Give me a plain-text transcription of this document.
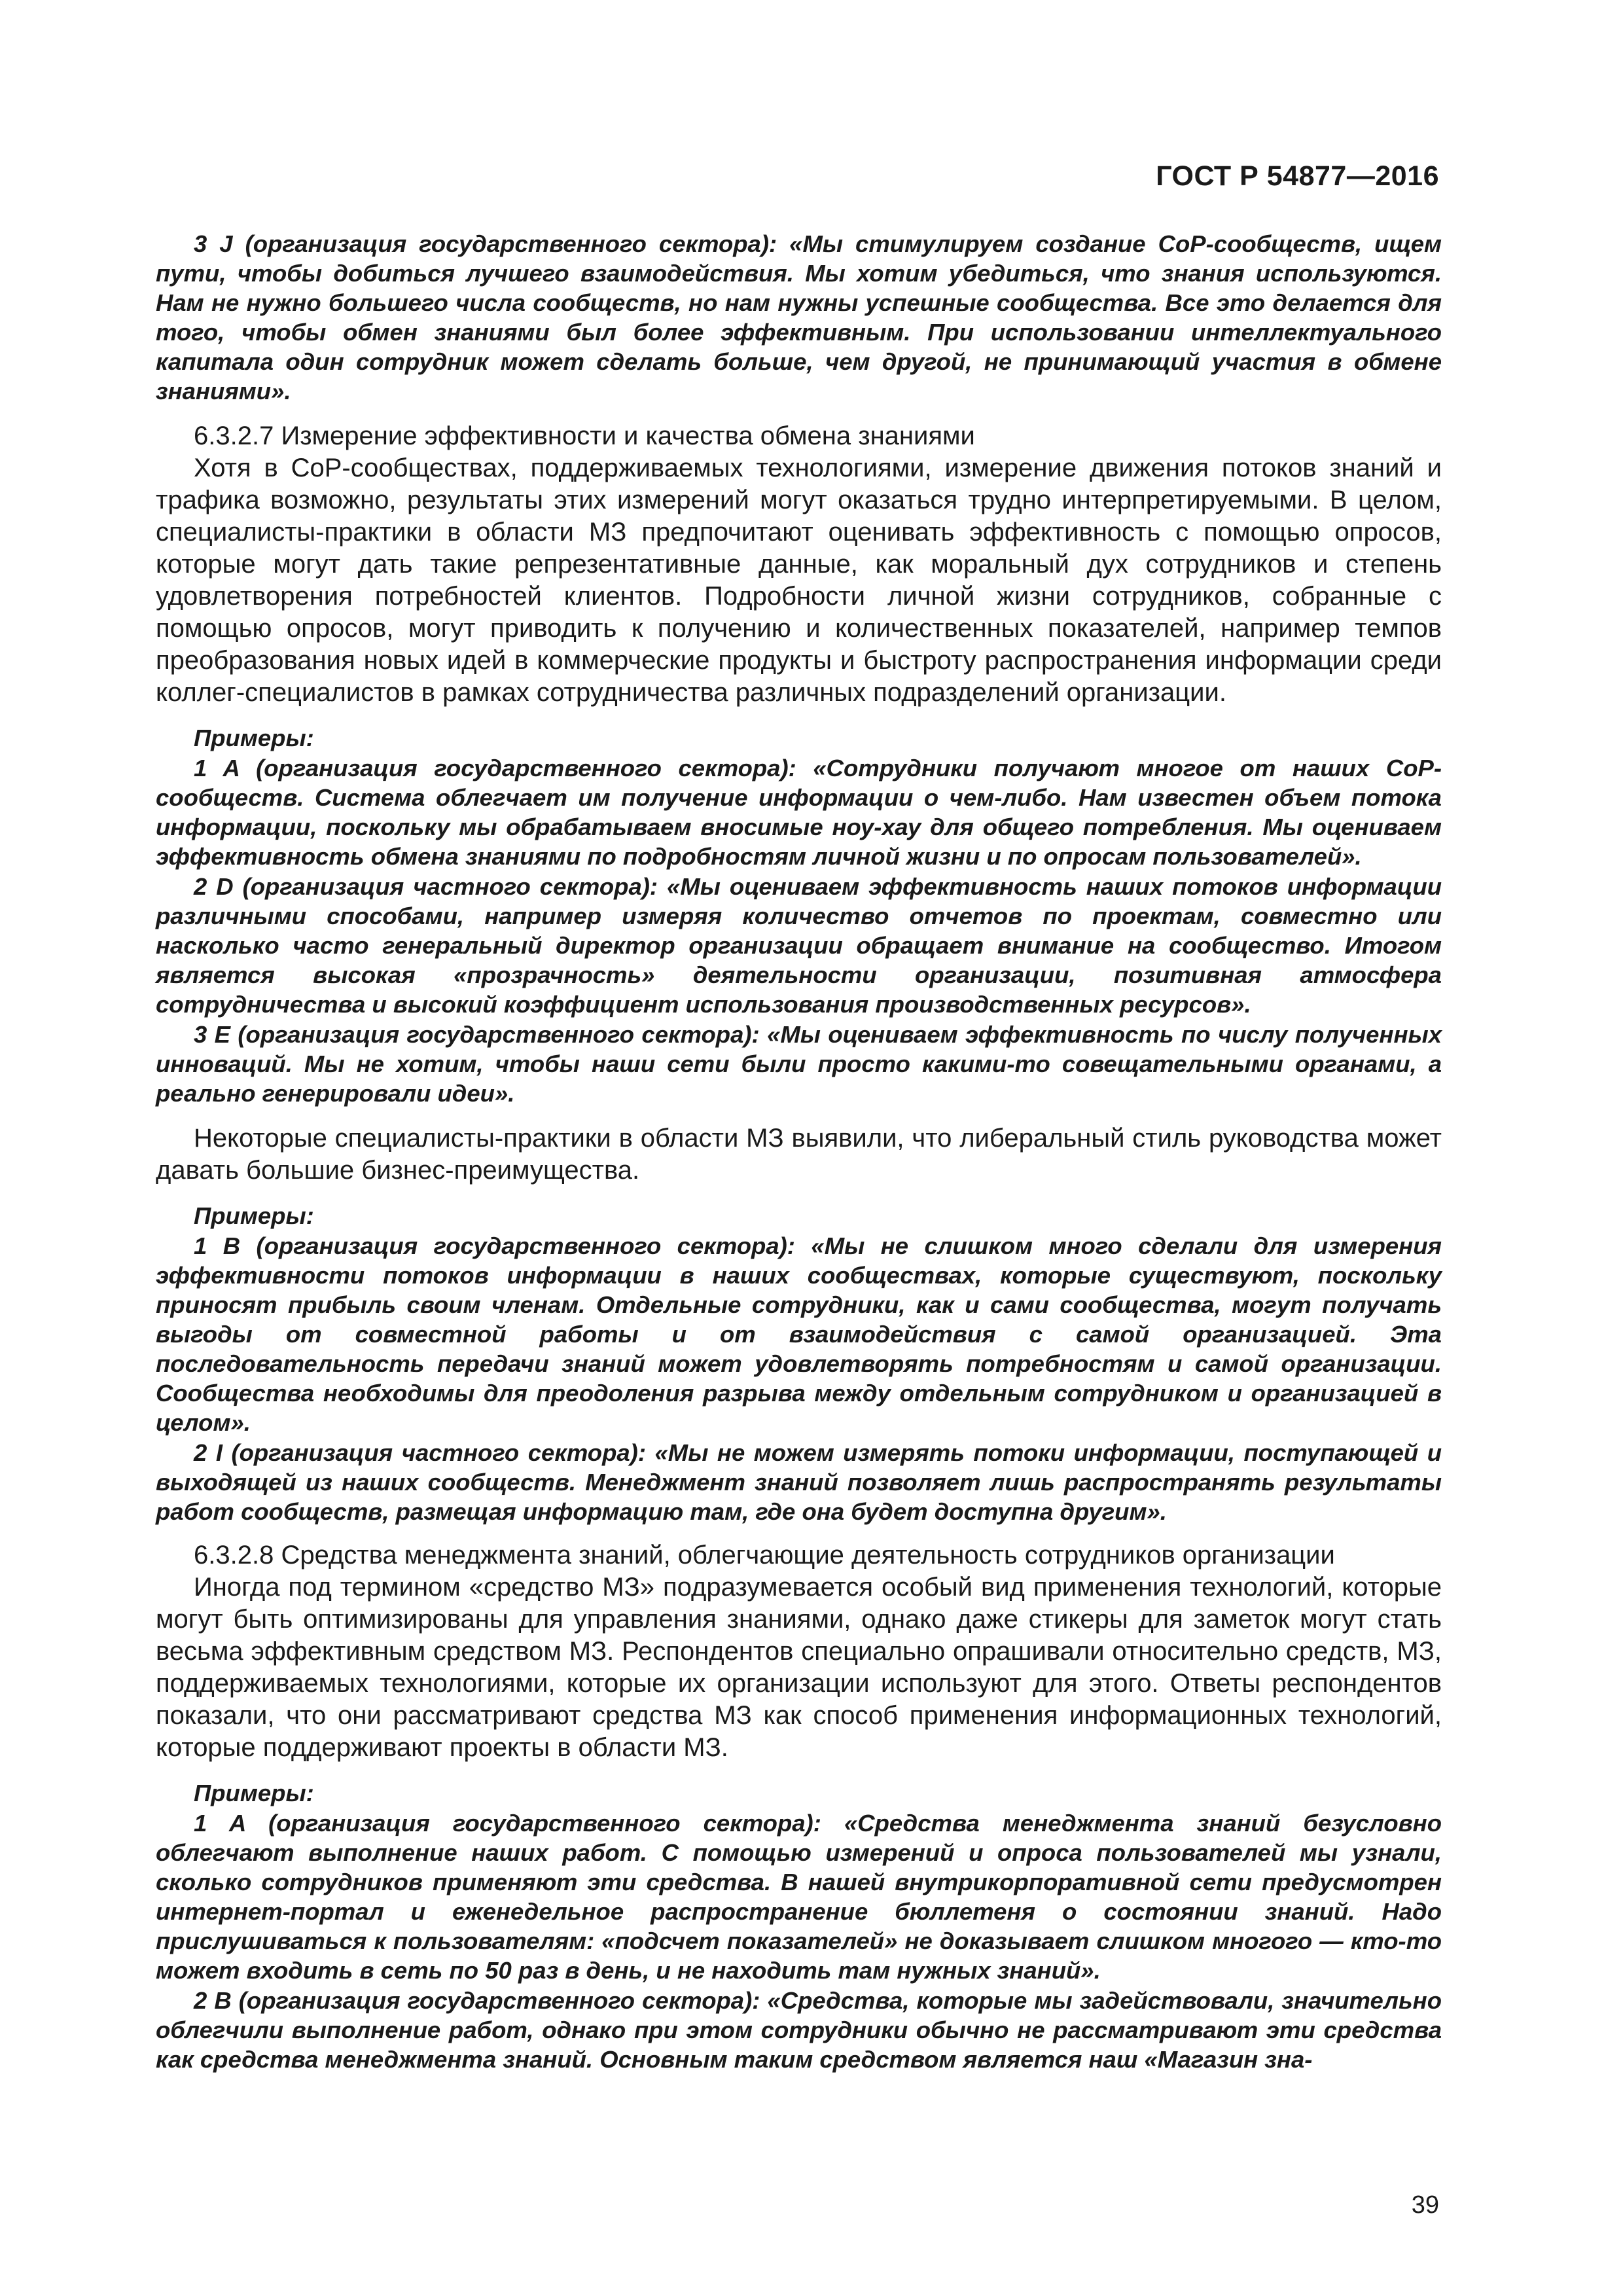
ГОСТ Р 54877—2016

3 J (организация государственного сектора): «Мы стимулируем создание CoP-сообществ, ищем пути, чтобы добиться лучшего взаимодействия. Мы хотим убедиться, что знания используются. Нам не нужно большего числа сообществ, но нам нужны успешные сообщества. Все это делается для того, чтобы обмен знаниями был более эффективным. При использовании интеллектуального капитала один сотрудник может сделать больше, чем другой, не принимающий участия в обмене знаниями».

6.3.2.7 Измерение эффективности и качества обмена знаниями

Хотя в CoP-сообществах, поддерживаемых технологиями, измерение движения потоков знаний и трафика возможно, результаты этих измерений могут оказаться трудно интерпретируемыми. В целом, специалисты-практики в области МЗ предпочитают оценивать эффективность с помощью опросов, которые могут дать такие репрезентативные данные, как моральный дух сотрудников и степень удовлетворения потребностей клиентов. Подробности личной жизни сотрудников, собранные с помощью опросов, могут приводить к получению и количественных показателей, например темпов преобразования новых идей в коммерческие продукты и быстроту распространения информации среди коллег-специалистов в рамках сотрудничества различных подразделений организации.

Примеры:

1 A (организация государственного сектора): «Сотрудники получают многое от наших CoP-сообществ. Система облегчает им получение информации о чем-либо. Нам известен объем потока информации, поскольку мы обрабатываем вносимые ноу-хау для общего потребления. Мы оцениваем эффективность обмена знаниями по подробностям личной жизни и по опросам пользователей».

2 D (организация частного сектора): «Мы оцениваем эффективность наших потоков информации различными способами, например измеряя количество отчетов по проектам, совместно или насколько часто генеральный директор организации обращает внимание на сообщество. Итогом является высокая «прозрачность» деятельности организации, позитивная атмосфера сотрудничества и высокий коэффициент использования производственных ресурсов».

3 E (организация государственного сектора): «Мы оцениваем эффективность по числу полученных инноваций. Мы не хотим, чтобы наши сети были просто какими-то совещательными органами, а реально генерировали идеи».

Некоторые специалисты-практики в области МЗ выявили, что либеральный стиль руководства может давать большие бизнес-преимущества.

Примеры:

1 B (организация государственного сектора): «Мы не слишком много сделали для измерения эффективности потоков информации в наших сообществах, которые существуют, поскольку приносят прибыль своим членам. Отдельные сотрудники, как и сами сообщества, могут получать выгоды от совместной работы и от взаимодействия с самой организацией. Эта последовательность передачи знаний может удовлетворять потребностям и самой организации. Сообщества необходимы для преодоления разрыва между отдельным сотрудником и организацией в целом».

2 I (организация частного сектора): «Мы не можем измерять потоки информации, поступающей и выходящей из наших сообществ. Менеджмент знаний позволяет лишь распространять результаты работ сообществ, размещая информацию там, где она будет доступна другим».

6.3.2.8 Средства менеджмента знаний, облегчающие деятельность сотрудников организации

Иногда под термином «средство МЗ» подразумевается особый вид применения технологий, которые могут быть оптимизированы для управления знаниями, однако даже стикеры для заметок могут стать весьма эффективным средством МЗ. Респондентов специально опрашивали относительно средств, МЗ, поддерживаемых технологиями, которые их организации используют для этого. Ответы респондентов показали, что они рассматривают средства МЗ как способ применения информационных технологий, которые поддерживают проекты в области МЗ.

Примеры:

1 A (организация государственного сектора): «Средства менеджмента знаний безусловно облегчают выполнение наших работ. С помощью измерений и опроса пользователей мы узнали, сколько сотрудников применяют эти средства. В нашей внутрикорпоративной сети предусмотрен интернет-портал и еженедельное распространение бюллетеня о состоянии знаний. Надо прислушиваться к пользователям: «подсчет показателей» не доказывает слишком многого — кто-то может входить в сеть по 50 раз в день, и не находить там нужных знаний».

2 B (организация государственного сектора): «Средства, которые мы задействовали, значительно облегчили выполнение работ, однако при этом сотрудники обычно не рассматривают эти средства как средства менеджмента знаний. Основным таким средством является наш «Магазин зна-

39
